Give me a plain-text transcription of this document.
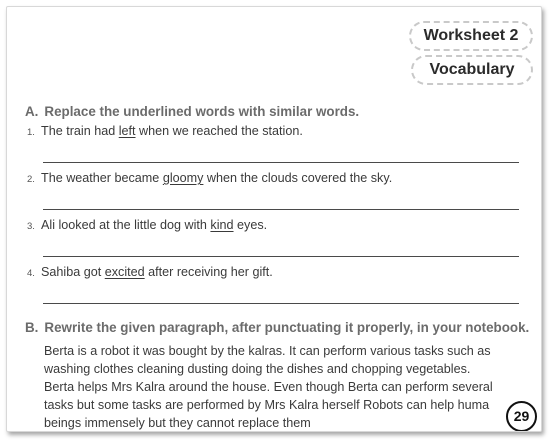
Worksheet 2
Vocabulary
A. Replace the underlined words with similar words.
1. The train had left when we reached the station.
2. The weather became gloomy when the clouds covered the sky.
3. Ali looked at the little dog with kind eyes.
4. Sahiba got excited after receiving her gift.
B. Rewrite the given paragraph, after punctuating it properly, in your notebook.
Berta is a robot it was bought by the kalras. It can perform various tasks such as
washing clothes cleaning dusting doing the dishes and chopping vegetables.
Berta helps Mrs Kalra around the house. Even though Berta can perform several
tasks but some tasks are performed by Mrs Kalra herself Robots can help huma
beings immensely but they cannot replace them	29
